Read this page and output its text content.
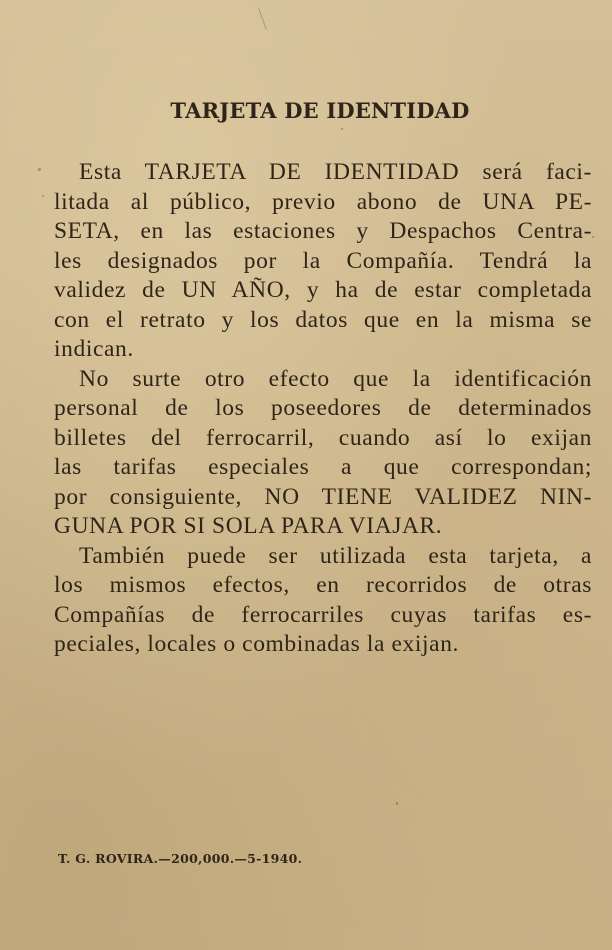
TARJETA DE IDENTIDAD
Esta TARJETA DE IDENTIDAD será faci-
litada al público, previo abono de UNA PE-
SETA, en las estaciones y Despachos Centra-
les designados por la Compañía. Tendrá la
validez de UN AÑO, y ha de estar completada
con el retrato y los datos que en la misma se
indican.
No surte otro efecto que la identificación
personal de los poseedores de determinados
billetes del ferrocarril, cuando así lo exijan
las tarifas especiales a que correspondan;
por consiguiente, NO TIENE VALIDEZ NIN-
GUNA POR SI SOLA PARA VIAJAR.
También puede ser utilizada esta tarjeta, a
los mismos efectos, en recorridos de otras
Compañías de ferrocarriles cuyas tarifas es-
peciales, locales o combinadas la exijan.
T. G. ROVIRA.—200,000.—5-1940.
